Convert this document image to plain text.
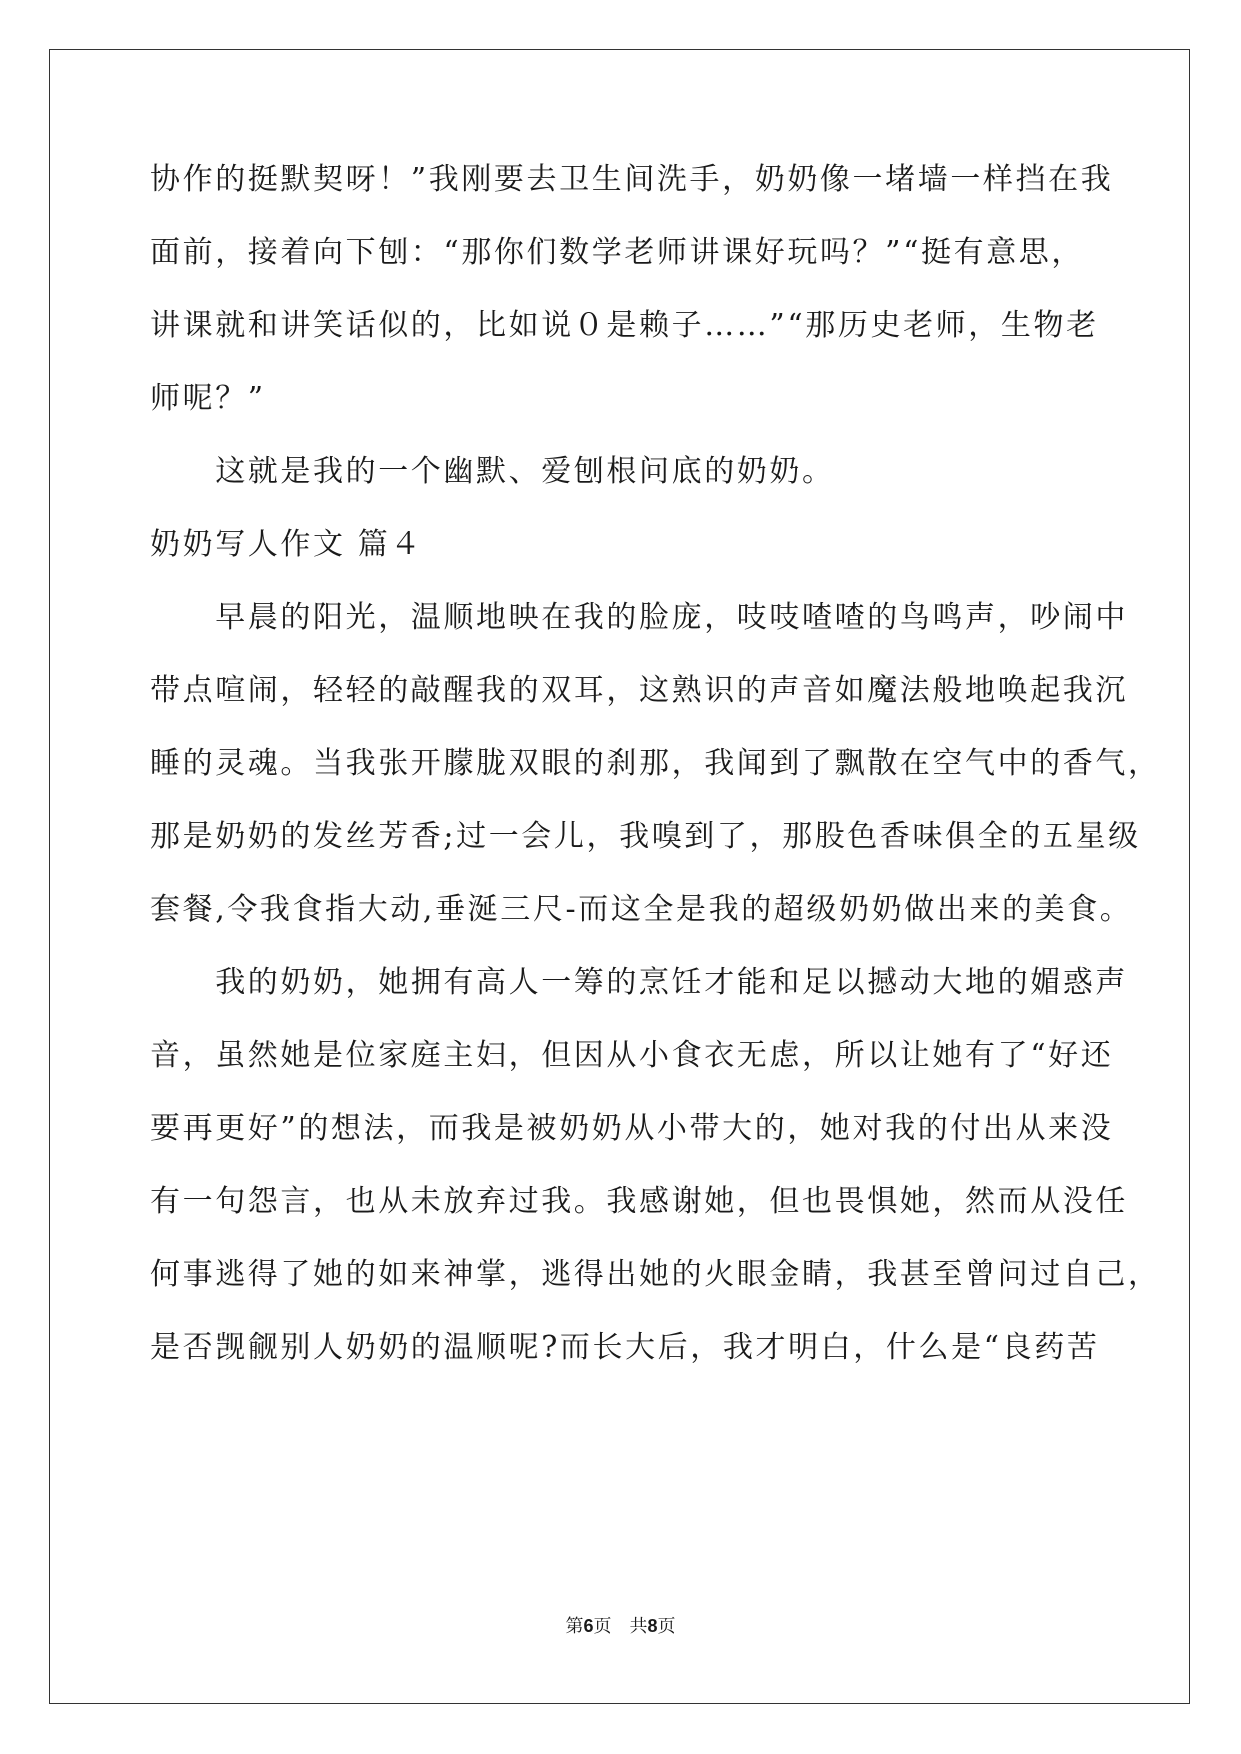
协作的挺默契呀！”我刚要去卫生间洗手，奶奶像一堵墙一样挡在我
面前，接着向下刨：“那你们数学老师讲课好玩吗？”“挺有意思，
讲课就和讲笑话似的，比如说０是赖子……”“那历史老师，生物老
师呢？”
　　这就是我的一个幽默、爱刨根问底的奶奶。
奶奶写人作文 篇４
　　早晨的阳光，温顺地映在我的脸庞，吱吱喳喳的鸟鸣声，吵闹中
带点喧闹，轻轻的敲醒我的双耳，这熟识的声音如魔法般地唤起我沉
睡的灵魂。当我张开朦胧双眼的刹那，我闻到了飘散在空气中的香气，
那是奶奶的发丝芳香;过一会儿，我嗅到了，那股色香味俱全的五星级
套餐,令我食指大动,垂涎三尺-而这全是我的超级奶奶做出来的美食。
　　我的奶奶，她拥有高人一筹的烹饪才能和足以撼动大地的媚惑声
音，虽然她是位家庭主妇，但因从小食衣无虑，所以让她有了“好还
要再更好”的想法，而我是被奶奶从小带大的，她对我的付出从来没
有一句怨言，也从未放弃过我。我感谢她，但也畏惧她，然而从没任
何事逃得了她的如来神掌，逃得出她的火眼金睛，我甚至曾问过自己，
是否觊觎别人奶奶的温顺呢?而长大后，我才明白，什么是“良药苦
第6页 共8页
